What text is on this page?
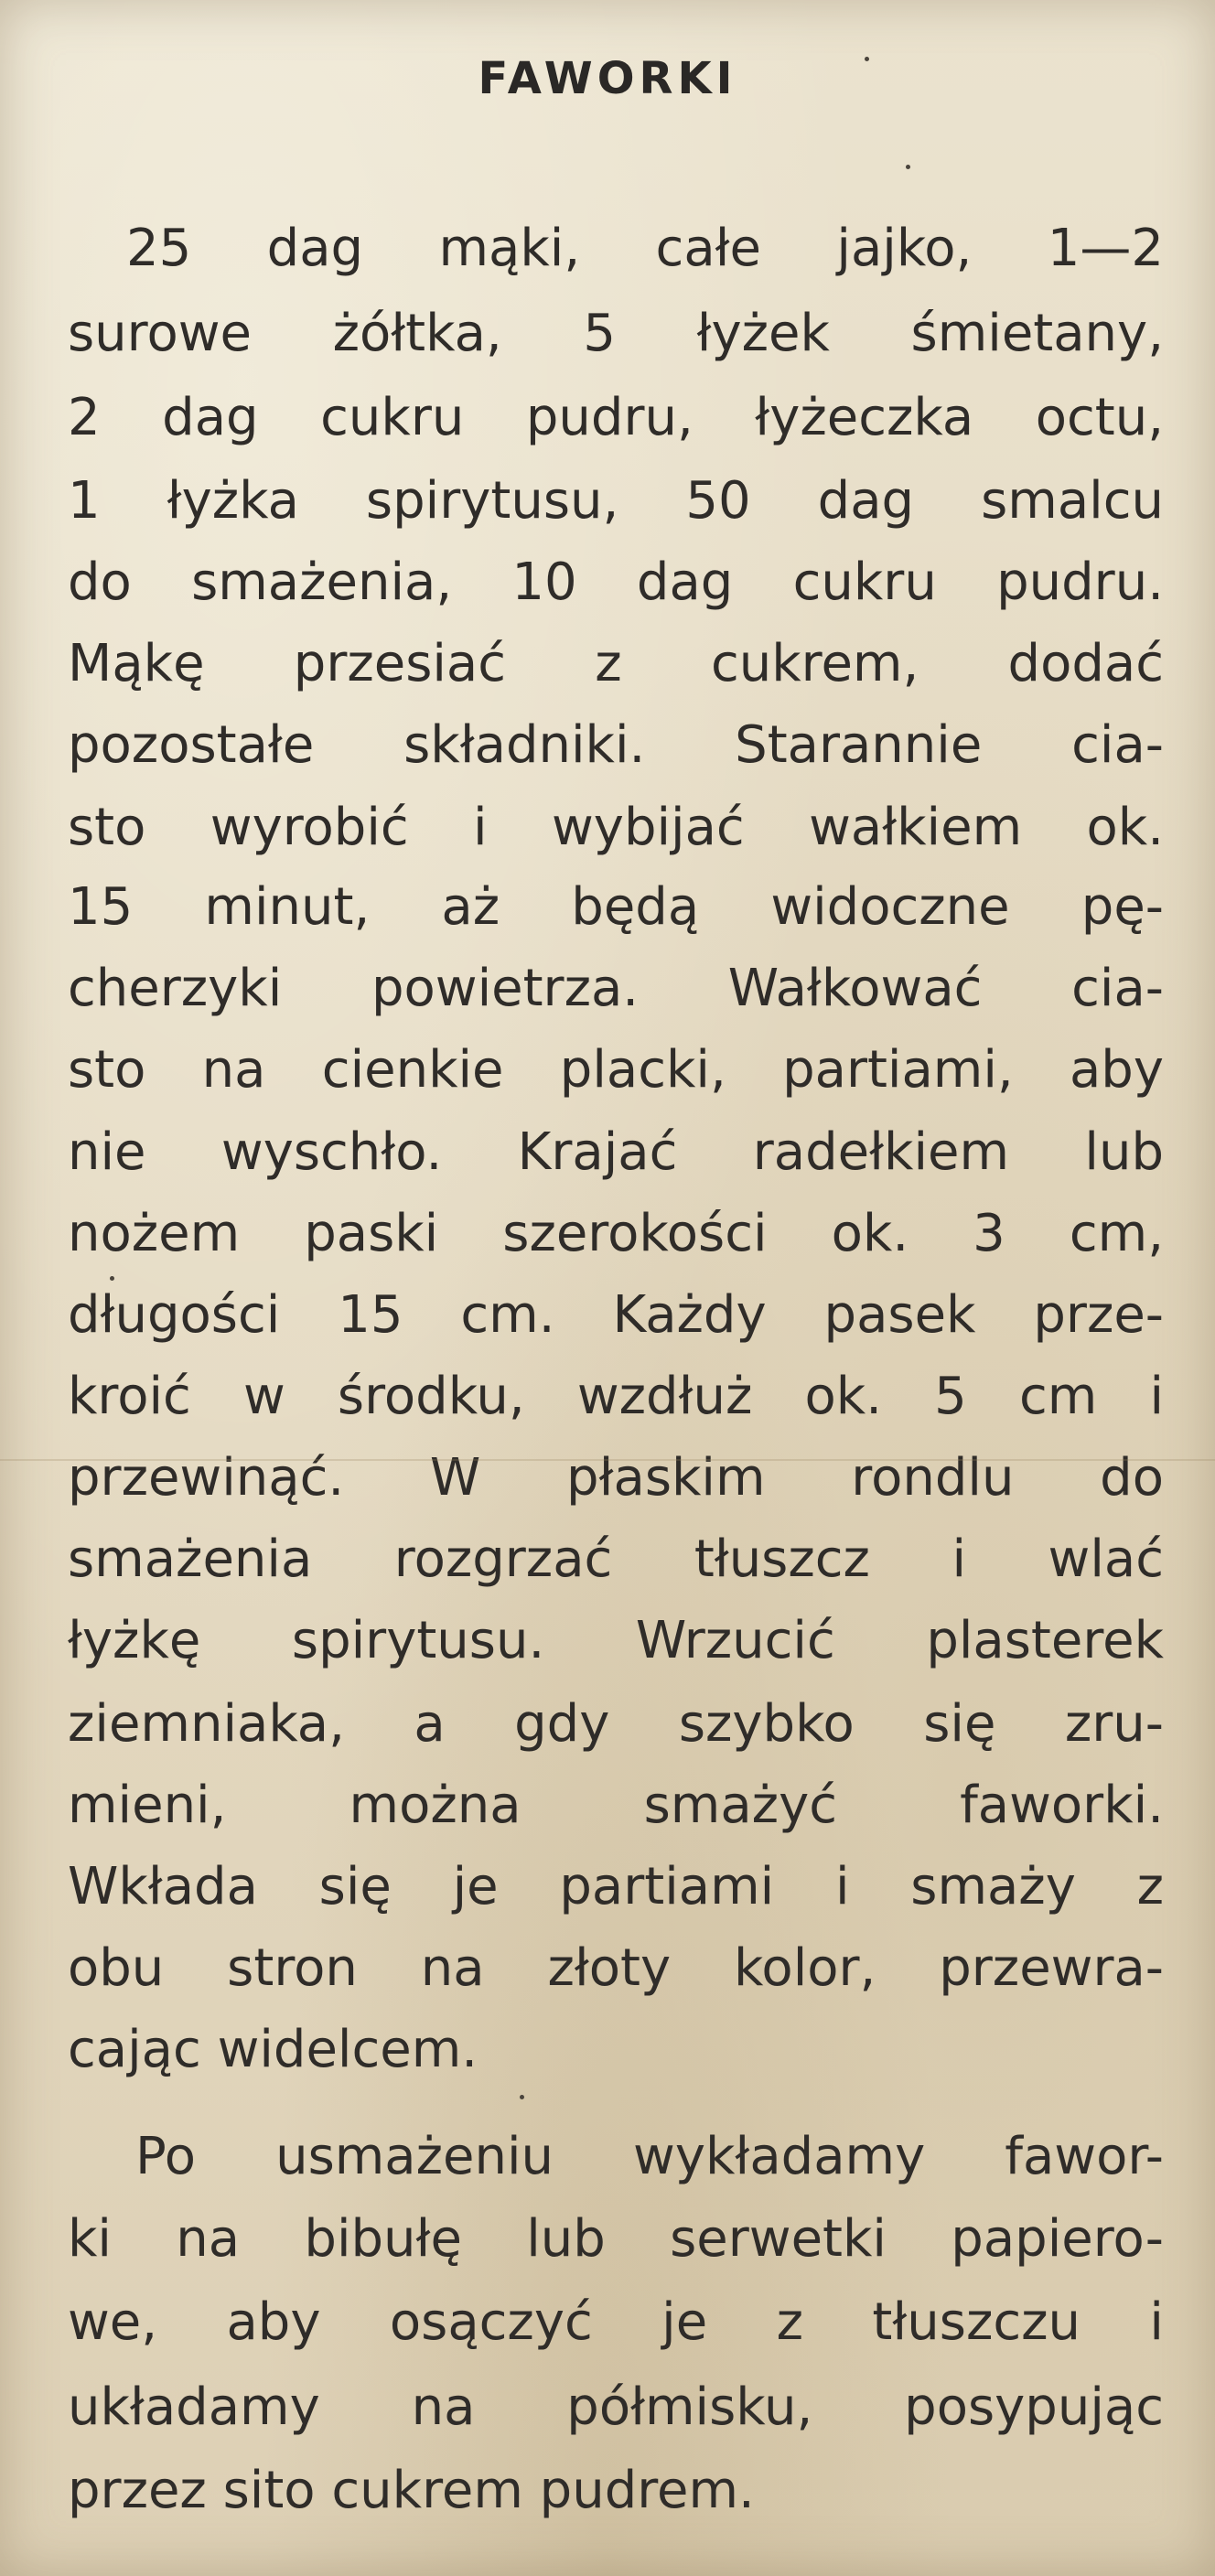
FAWORKI
25 dag mąki, całe jajko, 1—2
surowe żółtka, 5 łyżek śmietany,
2 dag cukru pudru, łyżeczka octu,
1 łyżka spirytusu, 50 dag smalcu
do smażenia, 10 dag cukru pudru.
Mąkę przesiać z cukrem, dodać
pozostałe składniki. Starannie cia-
sto wyrobić i wybijać wałkiem ok.
15 minut, aż będą widoczne pę-
cherzyki powietrza. Wałkować cia-
sto na cienkie placki, partiami, aby
nie wyschło. Krajać radełkiem lub
nożem paski szerokości ok. 3 cm,
długości 15 cm. Każdy pasek prze-
kroić w środku, wzdłuż ok. 5 cm i
przewinąć. W płaskim rondlu do
smażenia rozgrzać tłuszcz i wlać
łyżkę spirytusu. Wrzucić plasterek
ziemniaka, a gdy szybko się zru-
mieni, można smażyć faworki.
Wkłada się je partiami i smaży z
obu stron na złoty kolor, przewra-
cając widelcem.
Po usmażeniu wykładamy fawor-
ki na bibułę lub serwetki papiero-
we, aby osączyć je z tłuszczu i
układamy na półmisku, posypując
przez sito cukrem pudrem.
